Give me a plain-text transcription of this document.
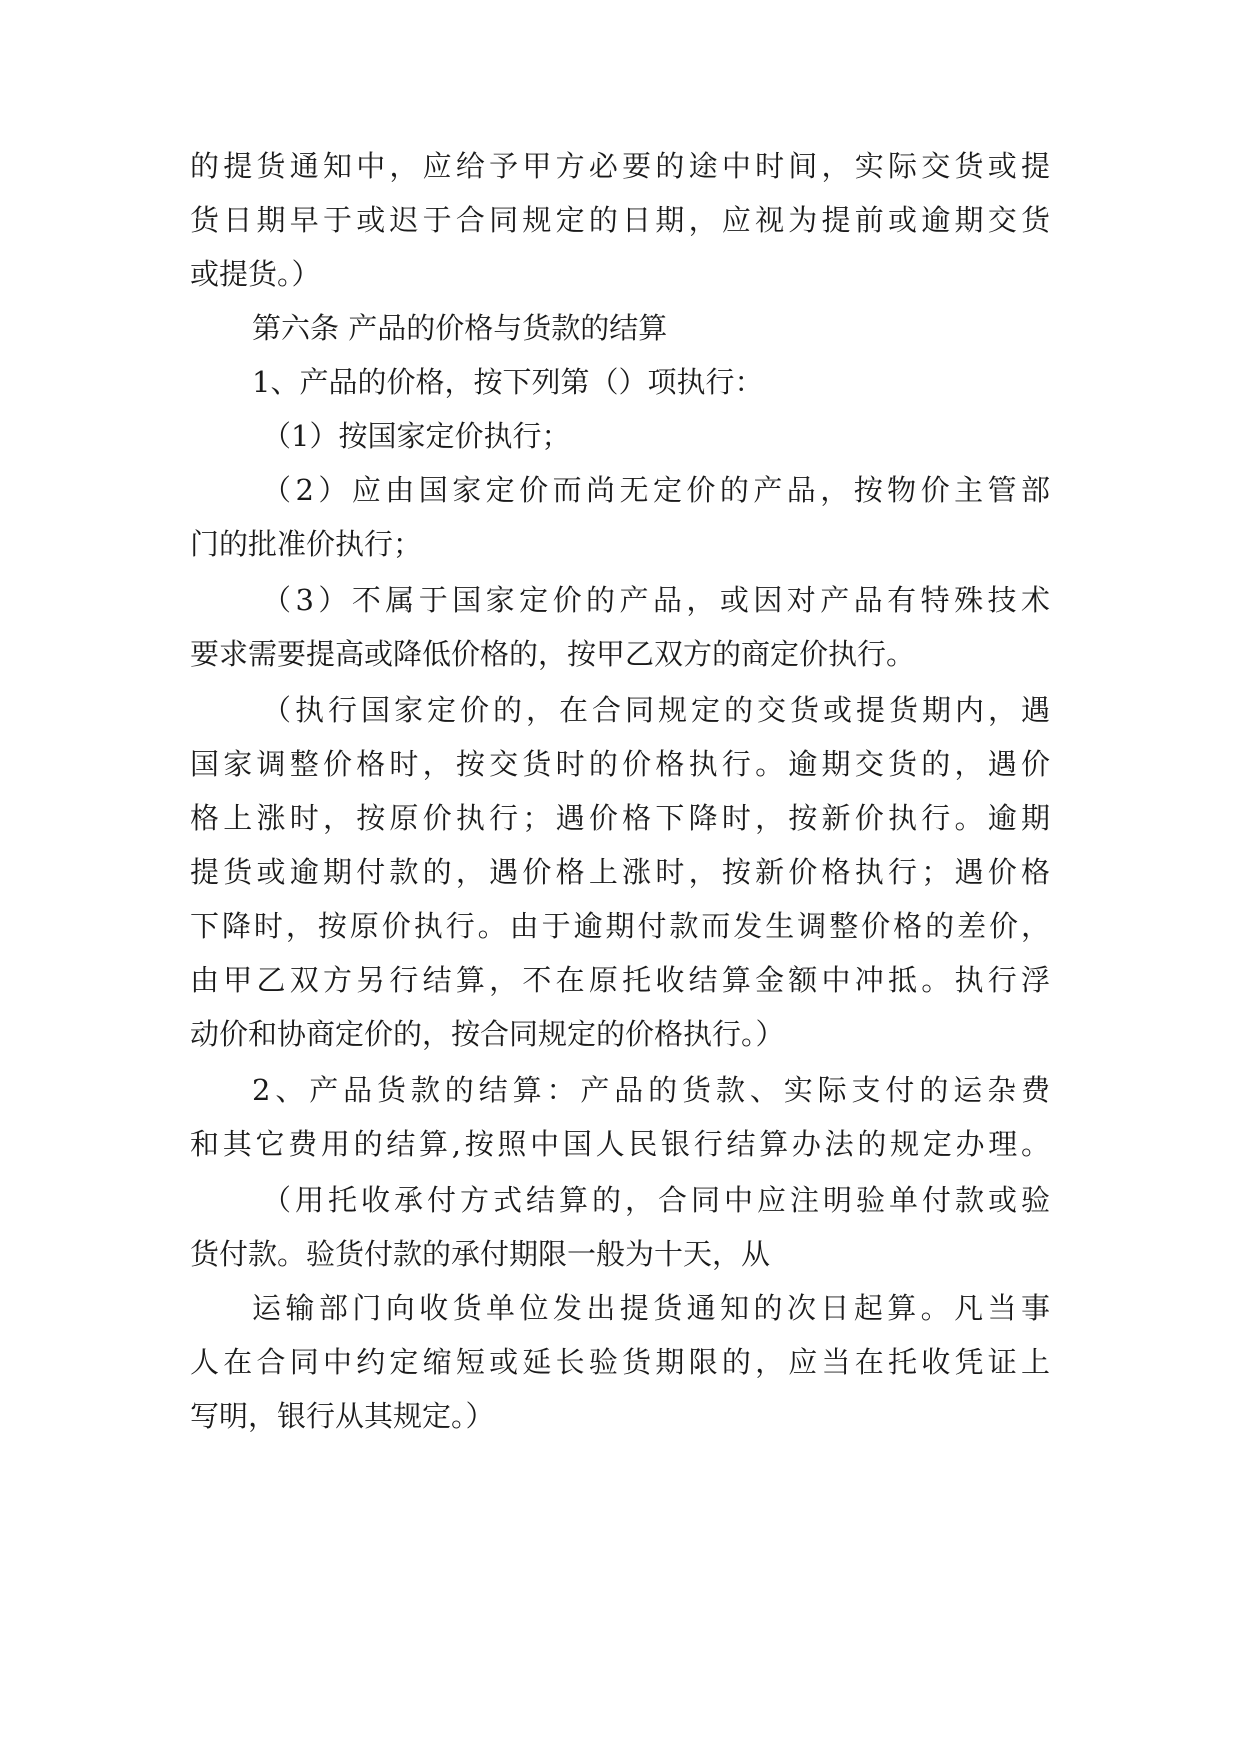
的提货通知中，应给予甲方必要的途中时间，实际交货或提
货日期早于或迟于合同规定的日期，应视为提前或逾期交货
或提货。）
第六条 产品的价格与货款的结算
1、产品的价格，按下列第（）项执行：
（1）按国家定价执行；
（2）应由国家定价而尚无定价的产品，按物价主管部
门的批准价执行；
（3）不属于国家定价的产品，或因对产品有特殊技术
要求需要提高或降低价格的，按甲乙双方的商定价执行。
（执行国家定价的，在合同规定的交货或提货期内，遇
国家调整价格时，按交货时的价格执行。逾期交货的，遇价
格上涨时，按原价执行；遇价格下降时，按新价执行。逾期
提货或逾期付款的，遇价格上涨时，按新价格执行；遇价格
下降时，按原价执行。由于逾期付款而发生调整价格的差价，
由甲乙双方另行结算，不在原托收结算金额中冲抵。执行浮
动价和协商定价的，按合同规定的价格执行。）
2、产品货款的结算：产品的货款、实际支付的运杂费
和其它费用的结算,按照中国人民银行结算办法的规定办理。
（用托收承付方式结算的，合同中应注明验单付款或验
货付款。验货付款的承付期限一般为十天，从
运输部门向收货单位发出提货通知的次日起算。凡当事
人在合同中约定缩短或延长验货期限的，应当在托收凭证上
写明，银行从其规定。）
